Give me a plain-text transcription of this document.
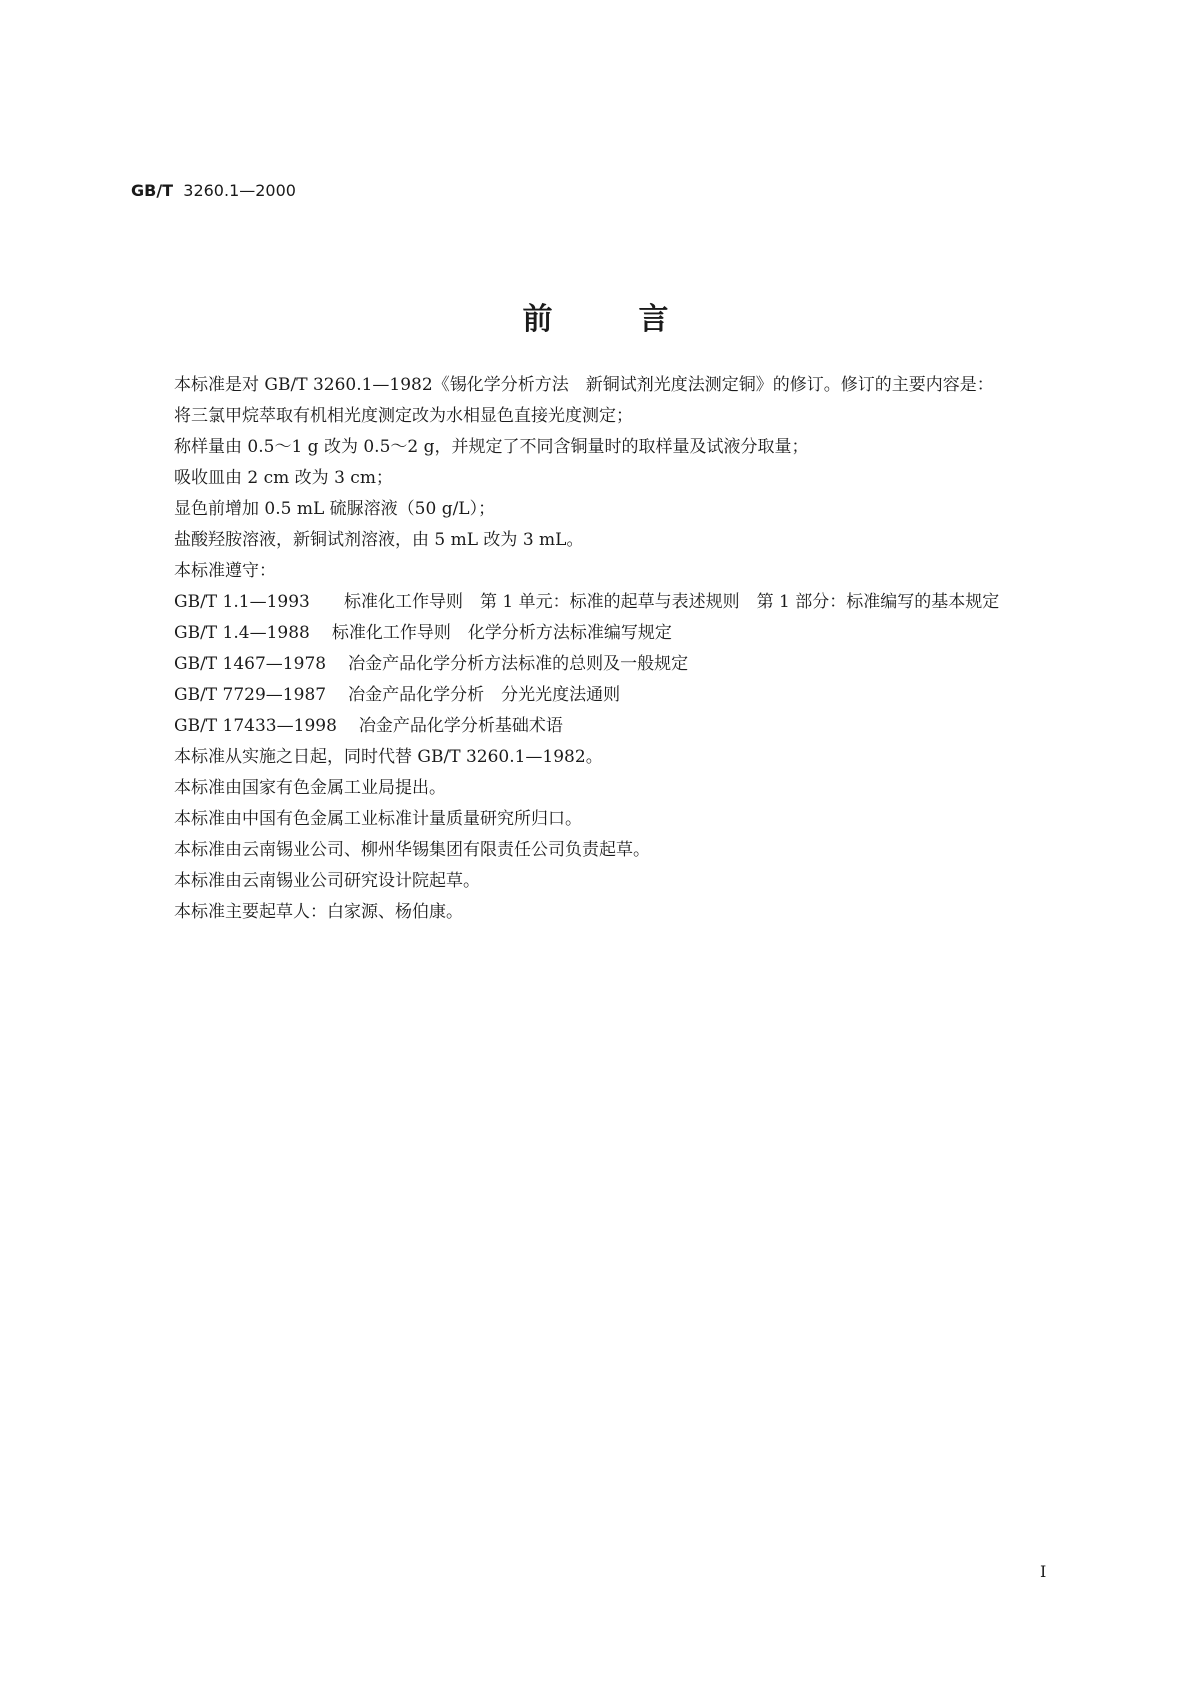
GB/T 3260.1—2000
前言

本标准是对 GB/T 3260.1—1982《锡化学分析方法　新铜试剂光度法测定铜》的修订。修订的主要内容是：

将三氯甲烷萃取有机相光度测定改为水相显色直接光度测定；

称样量由 0.5～1 g 改为 0.5～2 g，并规定了不同含铜量时的取样量及试液分取量；

吸收皿由 2 cm 改为 3 cm；

显色前增加 0.5 mL 硫脲溶液（50 g/L）；

盐酸羟胺溶液，新铜试剂溶液，由 5 mL 改为 3 mL。

本标准遵守：

GB/T 1.1—1993	标准化工作导则　第 1 单元：标准的起草与表述规则　第 1 部分：标准编写的基本规定
GB/T 1.4—1988 标准化工作导则　化学分析方法标准编写规定
GB/T 1467—1978 冶金产品化学分析方法标准的总则及一般规定
GB/T 7729—1987 冶金产品化学分析　分光光度法通则
GB/T 17433—1998 冶金产品化学分析基础术语

本标准从实施之日起，同时代替 GB/T 3260.1—1982。

本标准由国家有色金属工业局提出。

本标准由中国有色金属工业标准计量质量研究所归口。

本标准由云南锡业公司、柳州华锡集团有限责任公司负责起草。

本标准由云南锡业公司研究设计院起草。

本标准主要起草人：白家源、杨伯康。

I
